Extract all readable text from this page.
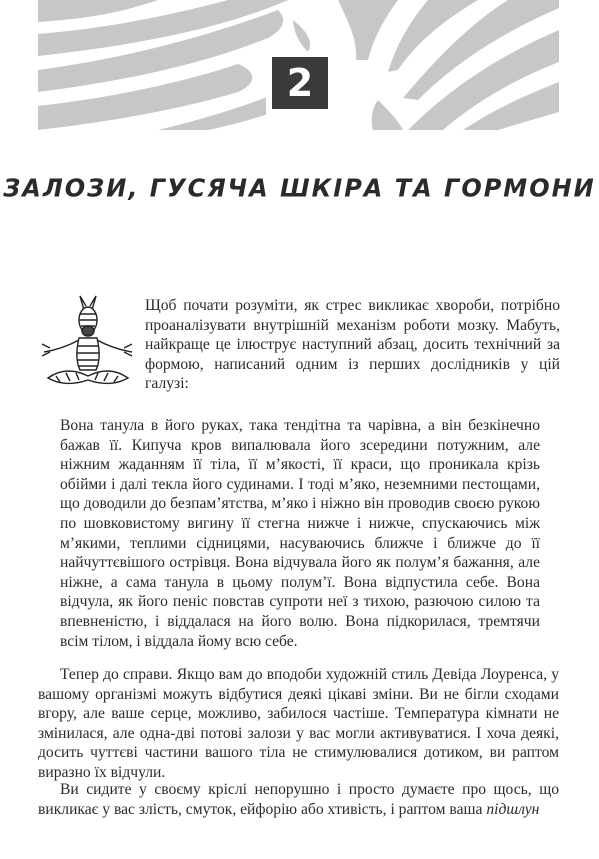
2
ЗАЛОЗИ, ГУСЯЧА ШКІРА ТА ГОРМОНИ
Щоб почати розуміти, як стрес викликає хвороби, потрібно проаналізувати внутрішній механізм роботи мозку. Мабуть, найкраще це ілюструє наступний абзац, досить технічний за формою, написаний одним із перших дослідників у цій галузі:
Вона танула в його руках, така тендітна та чарівна, а він безкінечно бажав її. Кипуча кров випалювала його зсередини потужним, але ніжним жаданням її тіла, її м’якості, її краси, що проникала крізь обійми і далі текла його судинами. І тоді м’яко, неземними пестощами, що доводили до безпам’ятства, м’яко і ніжно він проводив своєю рукою по шовковистому вигину її стегна нижче і нижче, спускаючись між м’якими, теплими сідницями, насуваючись ближче і ближче до її найчуттєвішого острівця. Вона відчувала його як полум’я бажання, але ніжне, а сама танула в цьому полум’ї. Вона відпустила себе. Вона відчула, як його пеніс повстав супроти неї з тихою, разючою силою та впевненістю, і віддалася на його волю. Вона підкорилася, тремтячи всім тілом, і віддала йому всю себе.
Тепер до справи. Якщо вам до вподоби художній стиль Девіда Лоуренса, у вашому організмі можуть відбутися деякі цікаві зміни. Ви не бігли сходами вгору, але ваше серце, можливо, забилося частіше. Температура кімнати не змінилася, але одна-дві потові залози у вас могли активуватися. І хоча деякі, досить чуттєві частини вашого тіла не стимулювалися дотиком, ви раптом виразно їх відчули.
Ви сидите у своєму кріслі непорушно і просто думаєте про щось, що викликає у вас злість, смуток, ейфорію або хтивість, і раптом ваша підшлун
